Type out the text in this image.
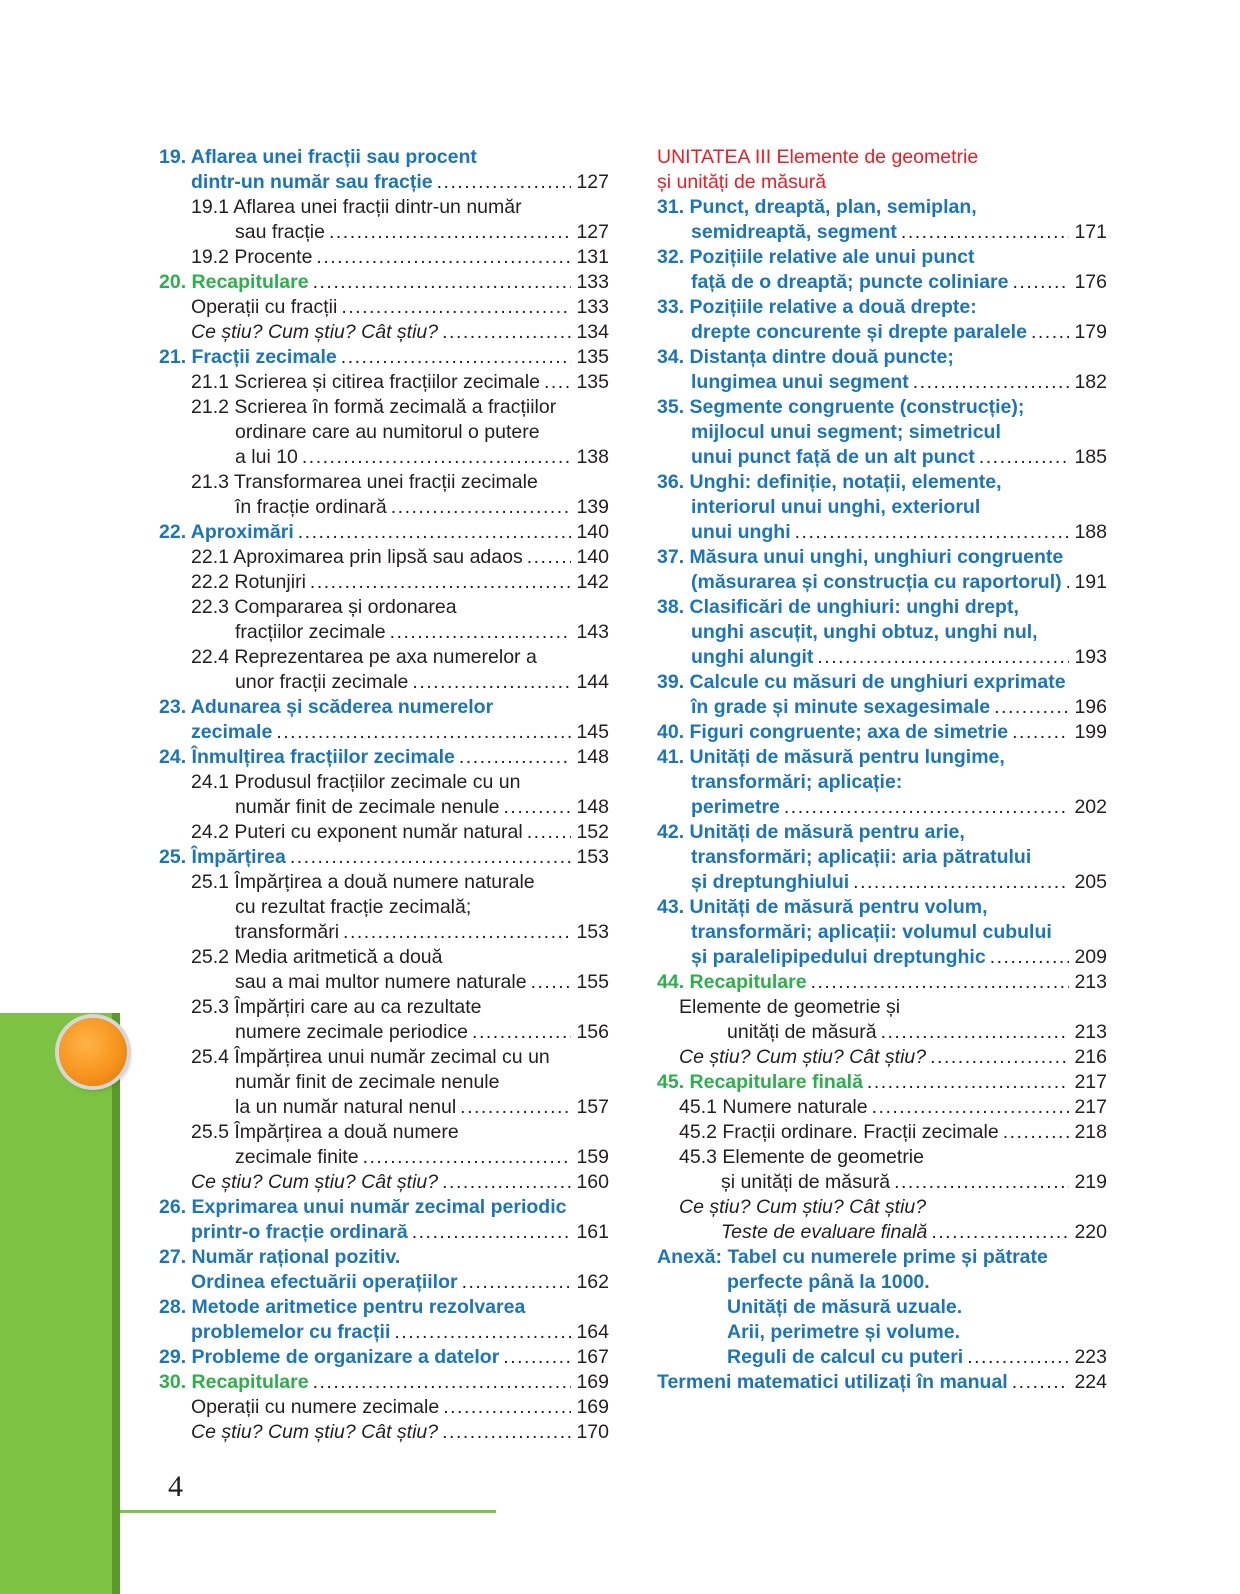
19. Aflarea unei fracții sau procent
dintr-un număr sau fracție .....	127
19.1 Aflarea unei fracții dintr-un număr
sau fracție .....	127
19.2 Procente .....	131
20. Recapitulare .....	133
Operații cu fracții .....	133
Ce știu? Cum știu? Cât știu? .....	134
21. Fracții zecimale .....	135
21.1 Scrierea și citirea fracțiilor zecimale ..... 135
21.2 Scrierea în formă zecimală a fracțiilor
ordinare care au numitorul o putere
a lui 10 .....	138
21.3 Transformarea unei fracții zecimale
în fracție ordinară .....	139
22. Aproximări .....	140
22.1 Aproximarea prin lipsă sau adaos .....	140
22.2 Rotunjiri .....	142
22.3 Compararea și ordonarea
fracțiilor zecimale .....	143
22.4 Reprezentarea pe axa numerelor a
unor fracții zecimale .....	144
23. Adunarea și scăderea numerelor
zecimale .....	145
24. Înmulțirea fracțiilor zecimale .....	148
24.1 Produsul fracțiilor zecimale cu un
număr finit de zecimale nenule .....	148
24.2 Puteri cu exponent număr natural .....	152
25. Împărțirea .....	153
25.1 Împărțirea a două numere naturale
cu rezultat fracție zecimală;
transformări .....	153
25.2 Media aritmetică a două
sau a mai multor numere naturale .....	155
25.3 Împărțiri care au ca rezultate
numere zecimale periodice .....	156
25.4 Împărțirea unui număr zecimal cu un
număr finit de zecimale nenule
la un număr natural nenul .....	157
25.5 Împărțirea a două numere
zecimale finite .....	159
Ce știu? Cum știu? Cât știu? .....	160
26. Exprimarea unui număr zecimal periodic
printr-o fracție ordinară .....	161
27. Număr rațional pozitiv.
Ordinea efectuării operațiilor .....	162
28. Metode aritmetice pentru rezolvarea
problemelor cu fracții .....	164
29. Probleme de organizare a datelor .....	167
30. Recapitulare .....	169
Operații cu numere zecimale .....	169
Ce știu? Cum știu? Cât știu? .....	170
UNITATEA III Elemente de geometrie
și unități de măsură
31. Punct, dreaptă, plan, semiplan,
semidreaptă, segment .....	171
32. Pozițiile relative ale unui punct
față de o dreaptă; puncte coliniare .....	176
33. Pozițiile relative a două drepte:
drepte concurente și drepte paralele ..... 179
34. Distanța dintre două puncte;
lungimea unui segment .....	182
35. Segmente congruente (construcție);
mijlocul unui segment; simetricul
unui punct față de un alt punct .....	185
36. Unghi: definiție, notații, elemente,
interiorul unui unghi, exteriorul
unui unghi .....	188
37. Măsura unui unghi, unghiuri congruente
(măsurarea și construcția cu raportorul) ..... 191
38. Clasificări de unghiuri: unghi drept,
unghi ascuțit, unghi obtuz, unghi nul,
unghi alungit .....	193
39. Calcule cu măsuri de unghiuri exprimate
în grade și minute sexagesimale .....	196
40. Figuri congruente; axa de simetrie .....	199
41. Unități de măsură pentru lungime,
transformări; aplicație:
perimetre .....	202
42. Unități de măsură pentru arie,
transformări; aplicații: aria pătratului
și dreptunghiului .....	205
43. Unități de măsură pentru volum,
transformări; aplicații: volumul cubului
și paralelipipedului dreptunghic .....	209
44. Recapitulare .....	213
Elemente de geometrie și
unități de măsură .....	213
Ce știu? Cum știu? Cât știu? .....	216
45. Recapitulare finală .....	217
45.1 Numere naturale .....	217
45.2 Fracții ordinare. Fracții zecimale .....	218
45.3 Elemente de geometrie
și unități de măsură .....	219
Ce știu? Cum știu? Cât știu?
Teste de evaluare finală .....	220
Anexă: Tabel cu numerele prime și pătrate
perfecte până la 1000.
Unități de măsură uzuale.
Arii, perimetre și volume.
Reguli de calcul cu puteri .....	223
Termeni matematici utilizați în manual .....	224
4
